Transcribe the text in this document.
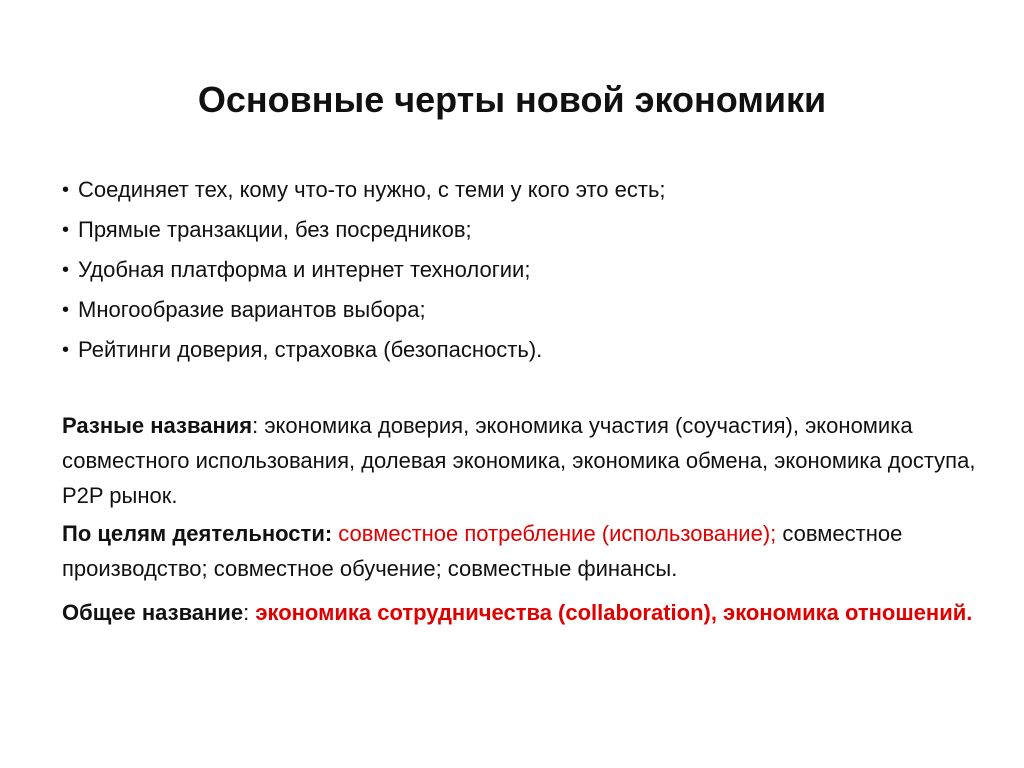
Основные черты новой экономики
• Соединяет тех, кому что-то нужно, с теми у кого это есть;
• Прямые транзакции, без посредников;
• Удобная платформа и интернет технологии;
• Многообразие вариантов выбора;
• Рейтинги доверия, страховка (безопасность).
Разные названия: экономика доверия, экономика участия (соучастия), экономика совместного использования, долевая экономика, экономика обмена, экономика доступа, P2P рынок.
По целям деятельности: совместное потребление (использование); совместное производство; совместное обучение; совместные финансы.
Общее название: экономика сотрудничества (collaboration), экономика отношений.
